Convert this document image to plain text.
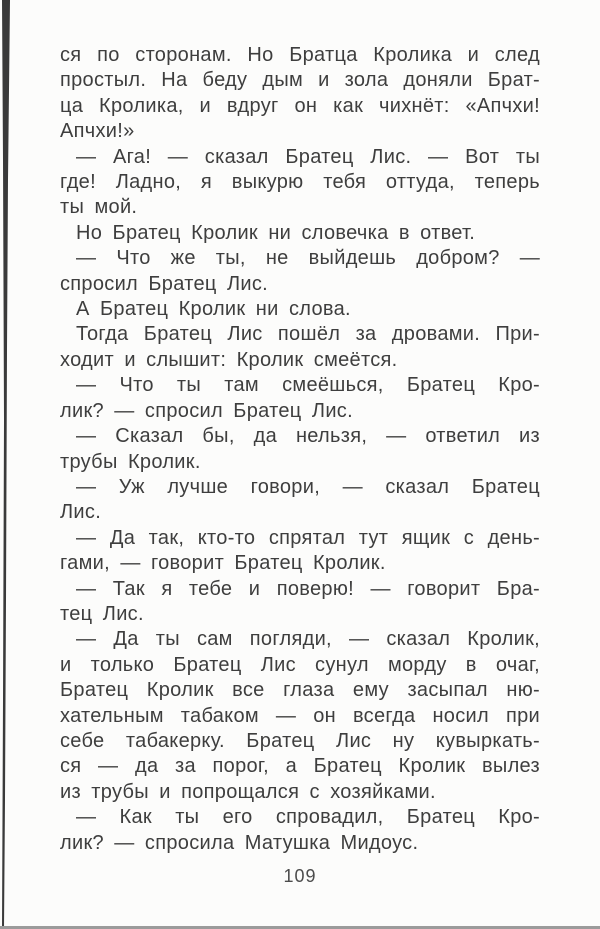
ся по сторонам. Но Братца Кролика и след
простыл. На беду дым и зола доняли Брат-
ца Кролика, и вдруг он как чихнёт: «Апчхи!
Апчхи!»
— Ага! — сказал Братец Лис. — Вот ты
где! Ладно, я выкурю тебя оттуда, теперь
ты мой.
Но Братец Кролик ни словечка в ответ.
— Что же ты, не выйдешь добром? —
спросил Братец Лис.
А Братец Кролик ни слова.
Тогда Братец Лис пошёл за дровами. При-
ходит и слышит: Кролик смеётся.
— Что ты там смеёшься, Братец Кро-
лик? — спросил Братец Лис.
— Сказал бы, да нельзя, — ответил из
трубы Кролик.
— Уж лучше говори, — сказал Братец
Лис.
— Да так, кто-то спрятал тут ящик с день-
гами, — говорит Братец Кролик.
— Так я тебе и поверю! — говорит Бра-
тец Лис.
— Да ты сам погляди, — сказал Кролик,
и только Братец Лис сунул морду в очаг,
Братец Кролик все глаза ему засыпал ню-
хательным табаком — он всегда носил при
себе табакерку. Братец Лис ну кувыркать-
ся — да за порог, а Братец Кролик вылез
из трубы и попрощался с хозяйками.
— Как ты его спровадил, Братец Кро-
лик? — спросила Матушка Мидоус.
109
